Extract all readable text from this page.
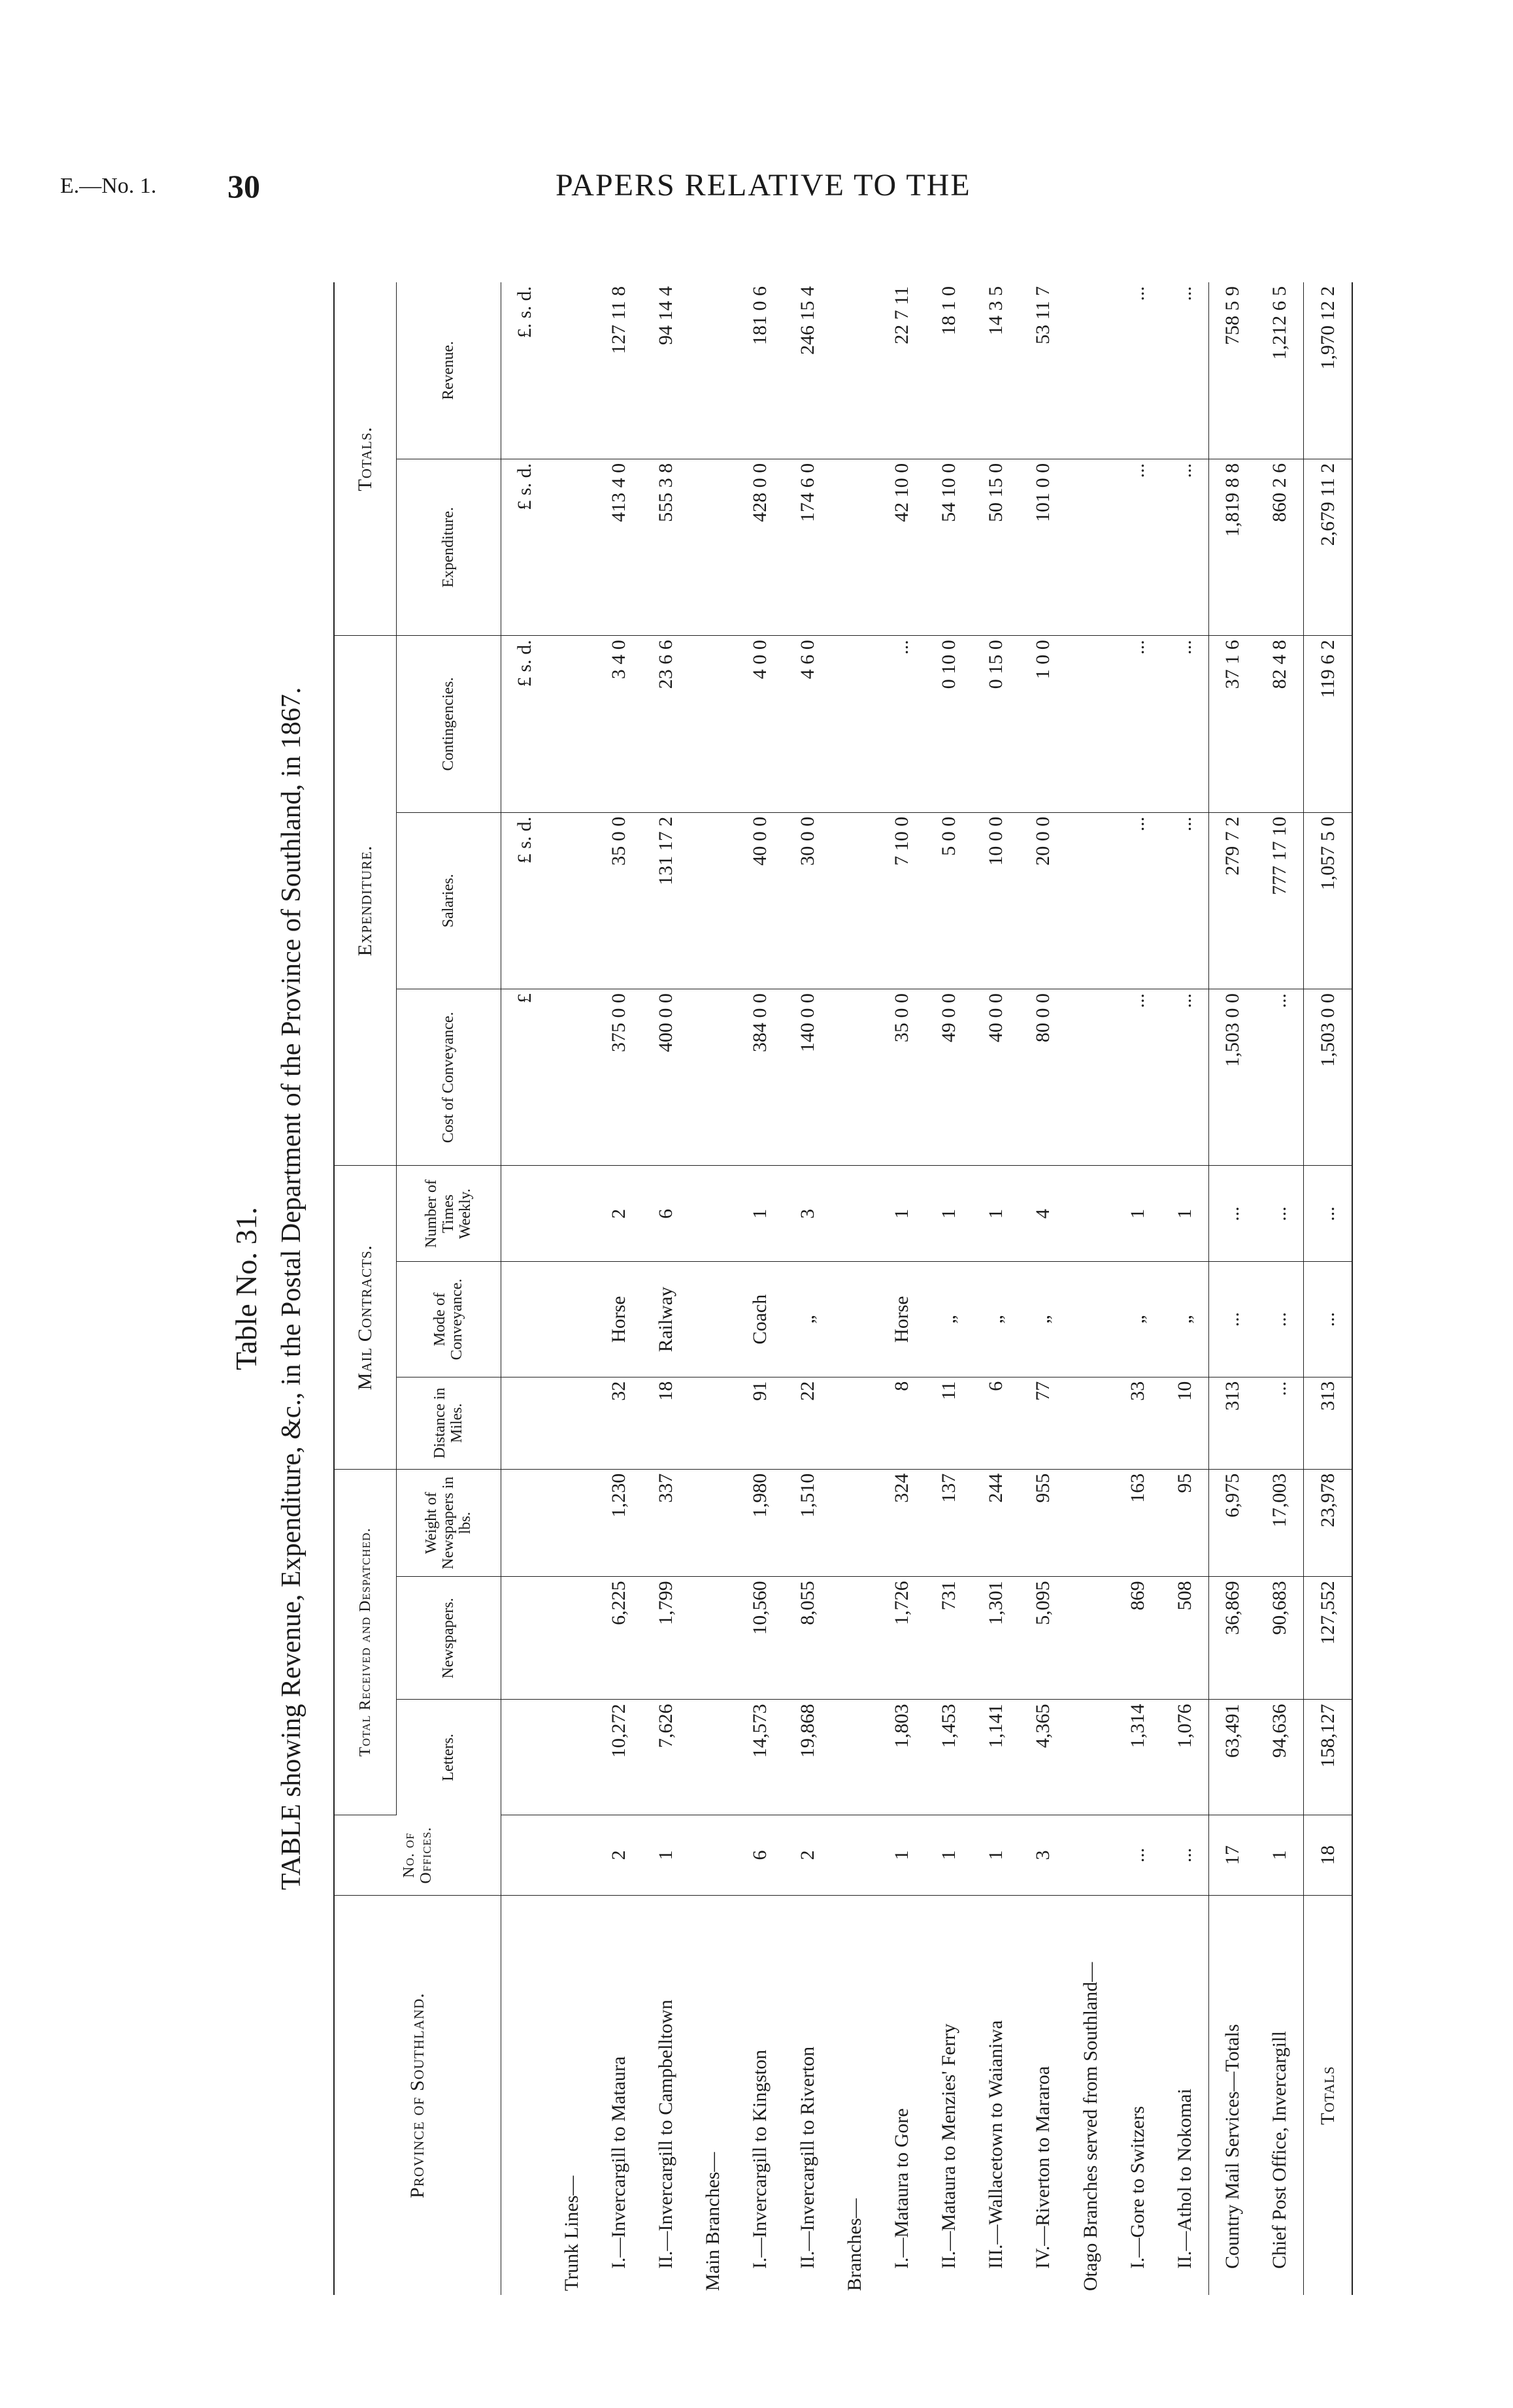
E.—No. 1. 30	PAPERS RELATIVE TO THE
Table No. 31. TABLE showing Revenue, Expenditure, &c., in the Postal Department of the Province of Southland, in 1867.
Province of Southland.	No. of Offices.	Total Received and Despatched.			Mail Contracts.			Expenditure.			Totals.	
		Letters.	Newspapers.	Weight of Newspapers in lbs.	Distance in Miles.	Mode of Conveyance.	Number of Times Weekly.	Cost of Conveyance.	Salaries.	Contingencies.	Expenditure.	Revenue.
								£	£ s. d.	£ s. d.	£ s. d.	£. s. d.
Trunk Lines—												
I.—Invercargill to Mataura	2	10,272	6,225	1,230	32	Horse	2	375 0 0	35 0 0	3 4 0	413 4 0	127 11 8
II.—Invercargill to Campbelltown	1	7,626	1,799	337	18	Railway	6	400 0 0	131 17 2	23 6 6	555 3 8	94 14 4
Main Branches—												
I.—Invercargill to Kingston	6	14,573	10,560	1,980	91	Coach	1	384 0 0	40 0 0	4 0 0	428 0 0	181 0 6
II.—Invercargill to Riverton	2	19,868	8,055	1,510	22	„	3	140 0 0	30 0 0	4 6 0	174 6 0	246 15 4
Branches—												
I.—Mataura to Gore	1	1,803	1,726	324	8	Horse	1	35 0 0	7 10 0	...	42 10 0	22 7 11
II.—Mataura to Menzies' Ferry	1	1,453	731	137	11	„	1	49 0 0	5 0 0	0 10 0	54 10 0	18 1 0
III.—Wallacetown to Waianiwa	1	1,141	1,301	244	6	„	1	40 0 0	10 0 0	0 15 0	50 15 0	14 3 5
IV.—Riverton to Mararoa	3	4,365	5,095	955	77	„	4	80 0 0	20 0 0	1 0 0	101 0 0	53 11 7
Otago Branches served from Southland—												
I.—Gore to Switzers	...	1,314	869	163	33	„	1	...	...	...	...	...
II.—Athol to Nokomai	...	1,076	508	95	10	„	1	...	...	...	...	...
Country Mail Services—Totals	17	63,491	36,869	6,975	313	...	...	1,503 0 0	279 7 2	37 1 6	1,819 8 8	758 5 9
Chief Post Office, Invercargill	1	94,636	90,683	17,003	...	...	...	...	777 17 10	82 4 8	860 2 6	1,212 6 5
Totals	18	158,127	127,552	23,978	313	...	...	1,503 0 0	1,057 5 0	119 6 2	2,679 11 2	1,970 12 2
